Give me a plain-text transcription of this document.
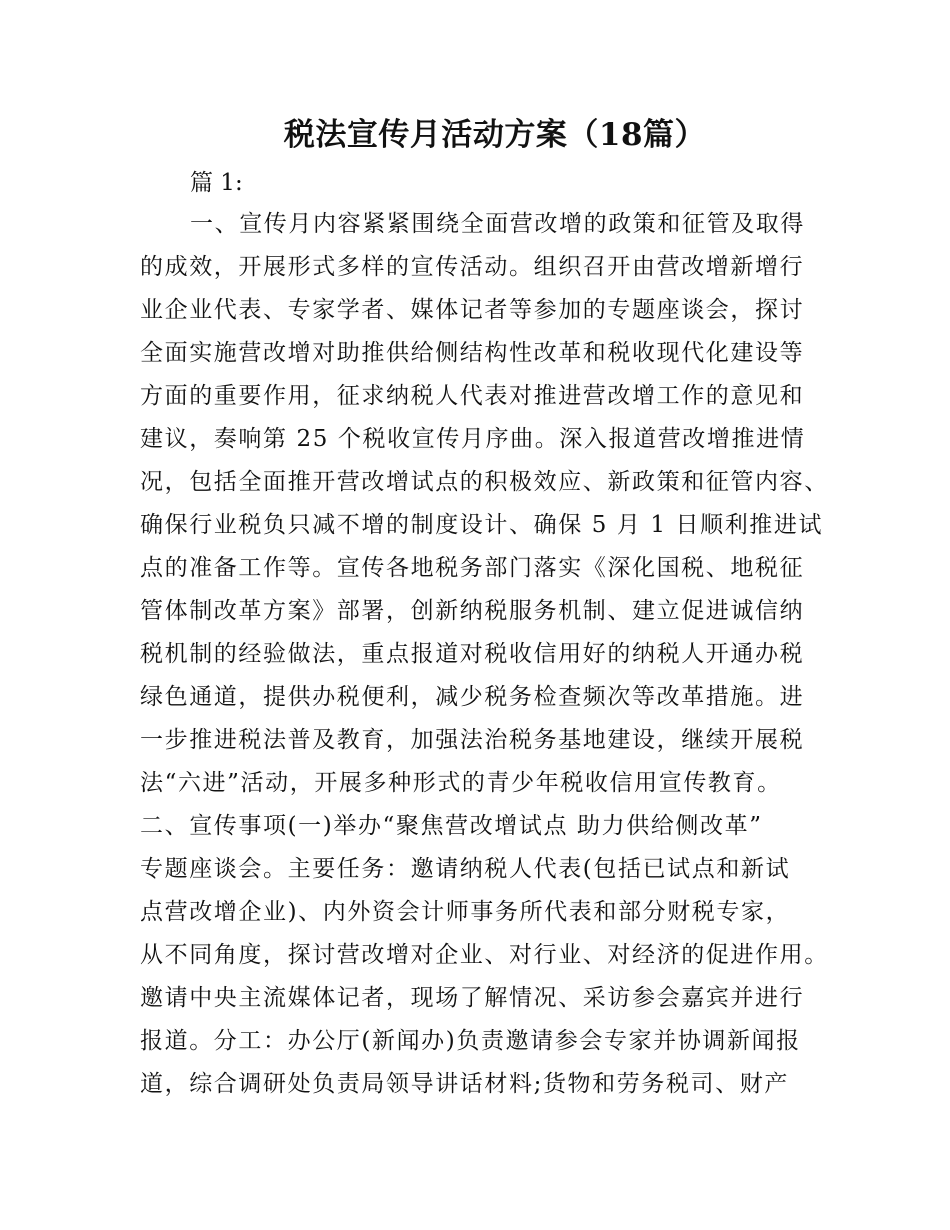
税法宣传月活动方案（18篇）

篇 1:

一、宣传月内容紧紧围绕全面营改增的政策和征管及取得

的成效，开展形式多样的宣传活动。组织召开由营改增新增行

业企业代表、专家学者、媒体记者等参加的专题座谈会，探讨

全面实施营改增对助推供给侧结构性改革和税收现代化建设等

方面的重要作用，征求纳税人代表对推进营改增工作的意见和

建议，奏响第 25 个税收宣传月序曲。深入报道营改增推进情

况，包括全面推开营改增试点的积极效应、新政策和征管内容、

确保行业税负只减不增的制度设计、确保 5 月 1 日顺利推进试

点的准备工作等。宣传各地税务部门落实《深化国税、地税征

管体制改革方案》部署，创新纳税服务机制、建立促进诚信纳

税机制的经验做法，重点报道对税收信用好的纳税人开通办税

绿色通道，提供办税便利，减少税务检查频次等改革措施。进

一步推进税法普及教育，加强法治税务基地建设，继续开展税

法“六进”活动，开展多种形式的青少年税收信用宣传教育。

二、宣传事项(一)举办“聚焦营改增试点 助力供给侧改革”

专题座谈会。主要任务：邀请纳税人代表(包括已试点和新试

点营改增企业)、内外资会计师事务所代表和部分财税专家，

从不同角度，探讨营改增对企业、对行业、对经济的促进作用。

邀请中央主流媒体记者，现场了解情况、采访参会嘉宾并进行

报道。分工：办公厅(新闻办)负责邀请参会专家并协调新闻报

道，综合调研处负责局领导讲话材料;货物和劳务税司、财产
